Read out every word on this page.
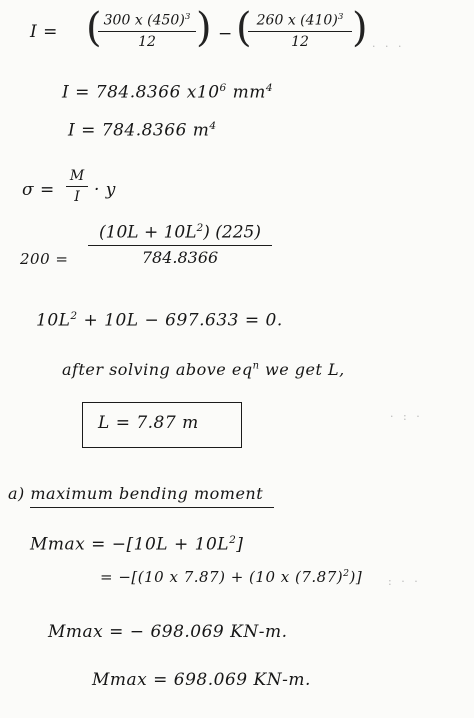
I = ( 300 x $(450)^3$
12	) − ( 260 x $(410)^3$
12	)
I = 784.8366 $x10^6$ $mm^4$
I = 784.8366 $m^4$
σ =
M
I · y
200 =
$(10L + 10L^2)$ (225)
784.8366
$10L^2 + 10L - 697.633 = 0$.
after solving above $eq^n$ we get L,
L = 7.87 m
a) maximum bending moment
$Mmax = -[10L + 10L^2]$
= −[(10 x 7.87) + (10 x $(7.87)^2$)]
Mmax = − 698.069 KN-m.
Mmax = 698.069 KN-m.
· · ·
· : ·
: · ·
